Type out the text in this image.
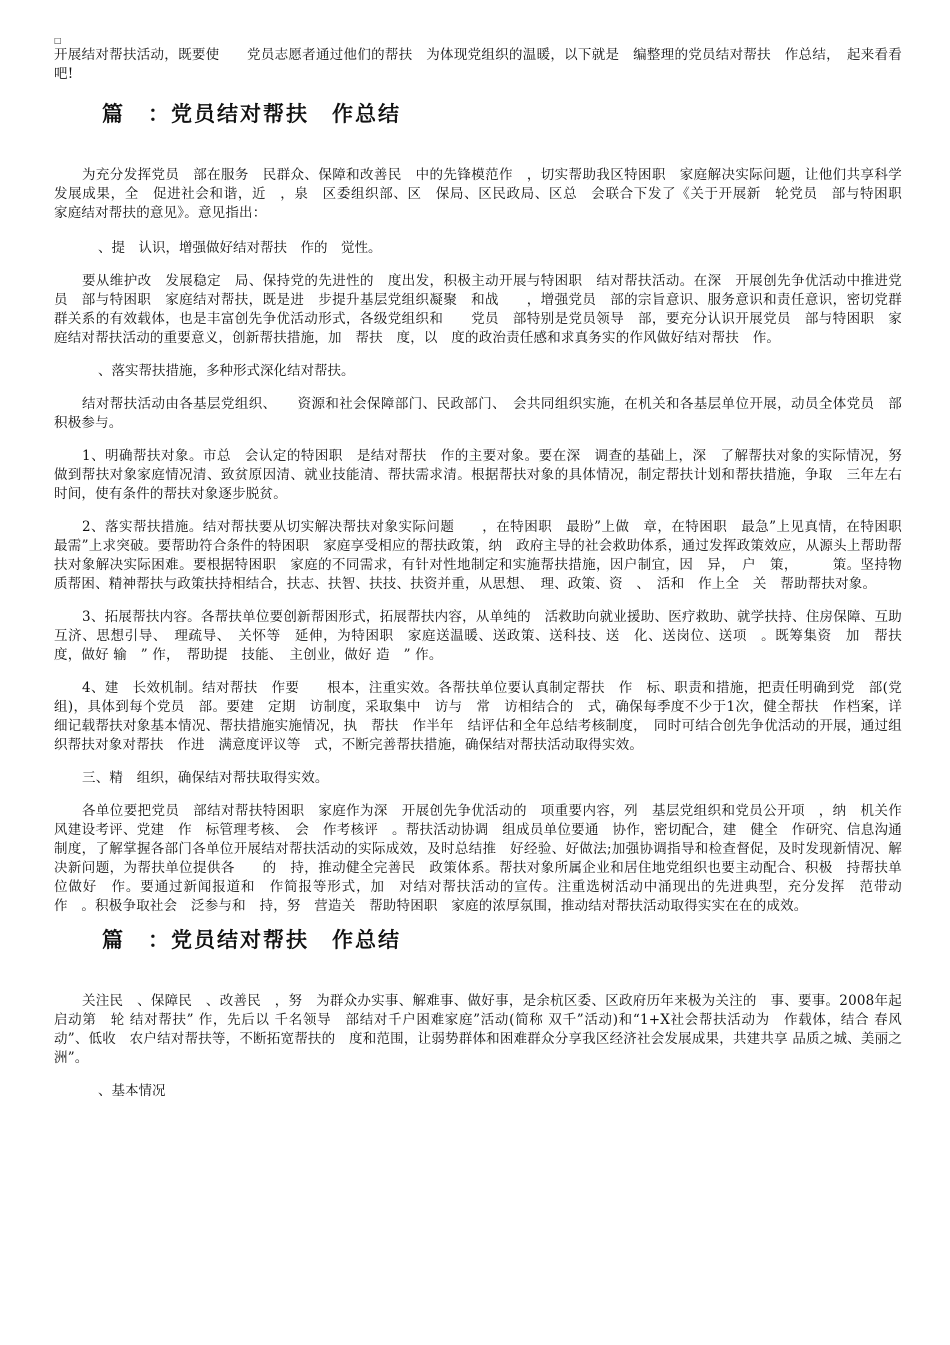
□

开展结对帮扶活动，既要使　　党员志愿者通过他们的帮扶　为体现党组织的温暖，以下就是　编整理的党员结对帮扶　作总结，　起来看看吧!

篇　：党员结对帮扶　作总结

为充分发挥党员　部在服务　民群众、保障和改善民　中的先锋模范作　，切实帮助我区特困职　家庭解决实际问题，让他们共享科学发展成果，全　促进社会和谐，近　，泉　区委组织部、区　保局、区民政局、区总　会联合下发了《关于开展新　轮党员　部与特困职　家庭结对帮扶的意见》。意见指出：

、提　认识，增强做好结对帮扶　作的　觉性。

要从维护改　发展稳定　局、保持党的先进性的　度出发，积极主动开展与特困职　结对帮扶活动。在深　开展创先争优活动中推进党员　部与特困职　家庭结对帮扶，既是进　步提升基层党组织凝聚　和战　　，增强党员　部的宗旨意识、服务意识和责任意识，密切党群　群关系的有效载体，也是丰富创先争优活动形式，各级党组织和　　党员　部特别是党员领导　部，要充分认识开展党员　部与特困职　家庭结对帮扶活动的重要意义，创新帮扶措施，加　帮扶　度，以　度的政治责任感和求真务实的作风做好结对帮扶　作。

、落实帮扶措施，多种形式深化结对帮扶。

结对帮扶活动由各基层党组织、　　资源和社会保障部门、民政部门、　会共同组织实施，在机关和各基层单位开展，动员全体党员　部积极参与。

1、明确帮扶对象。市总　会认定的特困职　是结对帮扶　作的主要对象。要在深　调查的基础上，深　了解帮扶对象的实际情况，努　做到帮扶对象家庭情况清、致贫原因清、就业技能清、帮扶需求清。根据帮扶对象的具体情况，制定帮扶计划和帮扶措施，争取　三年左右时间，使有条件的帮扶对象逐步脱贫。

2、落实帮扶措施。结对帮扶要从切实解决帮扶对象实际问题　　，在特困职　最盼”上做　章，在特困职　最急”上见真情，在特困职　最需”上求突破。要帮助符合条件的特困职　家庭享受相应的帮扶政策，纳　政府主导的社会救助体系，通过发挥政策效应，从源头上帮助帮扶对象解决实际困难。要根据特困职　家庭的不同需求，有针对性地制定和实施帮扶措施，因户制宜，因　异，　户　策，　　　策。坚持物质帮困、精神帮扶与政策扶持相结合，扶志、扶智、扶技、扶资并重，从思想、　理、政策、资　、　活和　作上全　关　帮助帮扶对象。

3、拓展帮扶内容。各帮扶单位要创新帮困形式，拓展帮扶内容，从单纯的　活救助向就业援助、医疗救助、就学扶持、住房保障、互助互济、思想引导、　理疏导、　关怀等　延伸，为特困职　家庭送温暖、送政策、送科技、送　化、送岗位、送项　。既筹集资　加　帮扶　度，做好 输　” 作，　帮助提　技能、　主创业，做好 造　” 作。

4、建　长效机制。结对帮扶　作要　　根本，注重实效。各帮扶单位要认真制定帮扶　作　标、职责和措施，把责任明确到党　部(党　组)，具体到每个党员　部。要建　定期　访制度，采取集中　访与　常　访相结合的　式，确保每季度不少于1次，健全帮扶　作档案，详细记载帮扶对象基本情况、帮扶措施实施情况，执　帮扶　作半年　结评估和全年总结考核制度，　同时可结合创先争优活动的开展，通过组织帮扶对象对帮扶　作进　满意度评议等　式，不断完善帮扶措施，确保结对帮扶活动取得实效。

三、精　组织，确保结对帮扶取得实效。

各单位要把党员　部结对帮扶特困职　家庭作为深　开展创先争优活动的　项重要内容，列　基层党组织和党员公开项　，纳　机关作风建设考评、党建　作　标管理考核、　会　作考核评　。帮扶活动协调　组成员单位要通　协作，密切配合，建　健全　作研究、信息沟通制度，了解掌握各部门各单位开展结对帮扶活动的实际成效，及时总结推　好经验、好做法;加强协调指导和检查督促，及时发现新情况、解决新问题，为帮扶单位提供各　　的　持，推动健全完善民　政策体系。帮扶对象所属企业和居住地党组织也要主动配合、积极　持帮扶单位做好　作。要通过新闻报道和　作简报等形式，加　对结对帮扶活动的宣传。注重选树活动中涌现出的先进典型，充分发挥　范带动作　。积极争取社会　泛参与和　持，努　营造关　帮助特困职　家庭的浓厚氛围，推动结对帮扶活动取得实实在在的成效。

篇　：党员结对帮扶　作总结

关注民　、保障民　、改善民　，努　为群众办实事、解难事、做好事，是余杭区委、区政府历年来极为关注的　事、要事。2008年起启动第　轮 结对帮扶” 作，先后以 千名领导　部结对千户困难家庭”活动(简称 双千”活动)和“1+X社会帮扶活动为　作载体，结合 春风　动”、低收　农户结对帮扶等，不断拓宽帮扶的　度和范围，让弱势群体和困难群众分享我区经济社会发展成果，共建共享 品质之城、美丽之洲”。

、基本情况
